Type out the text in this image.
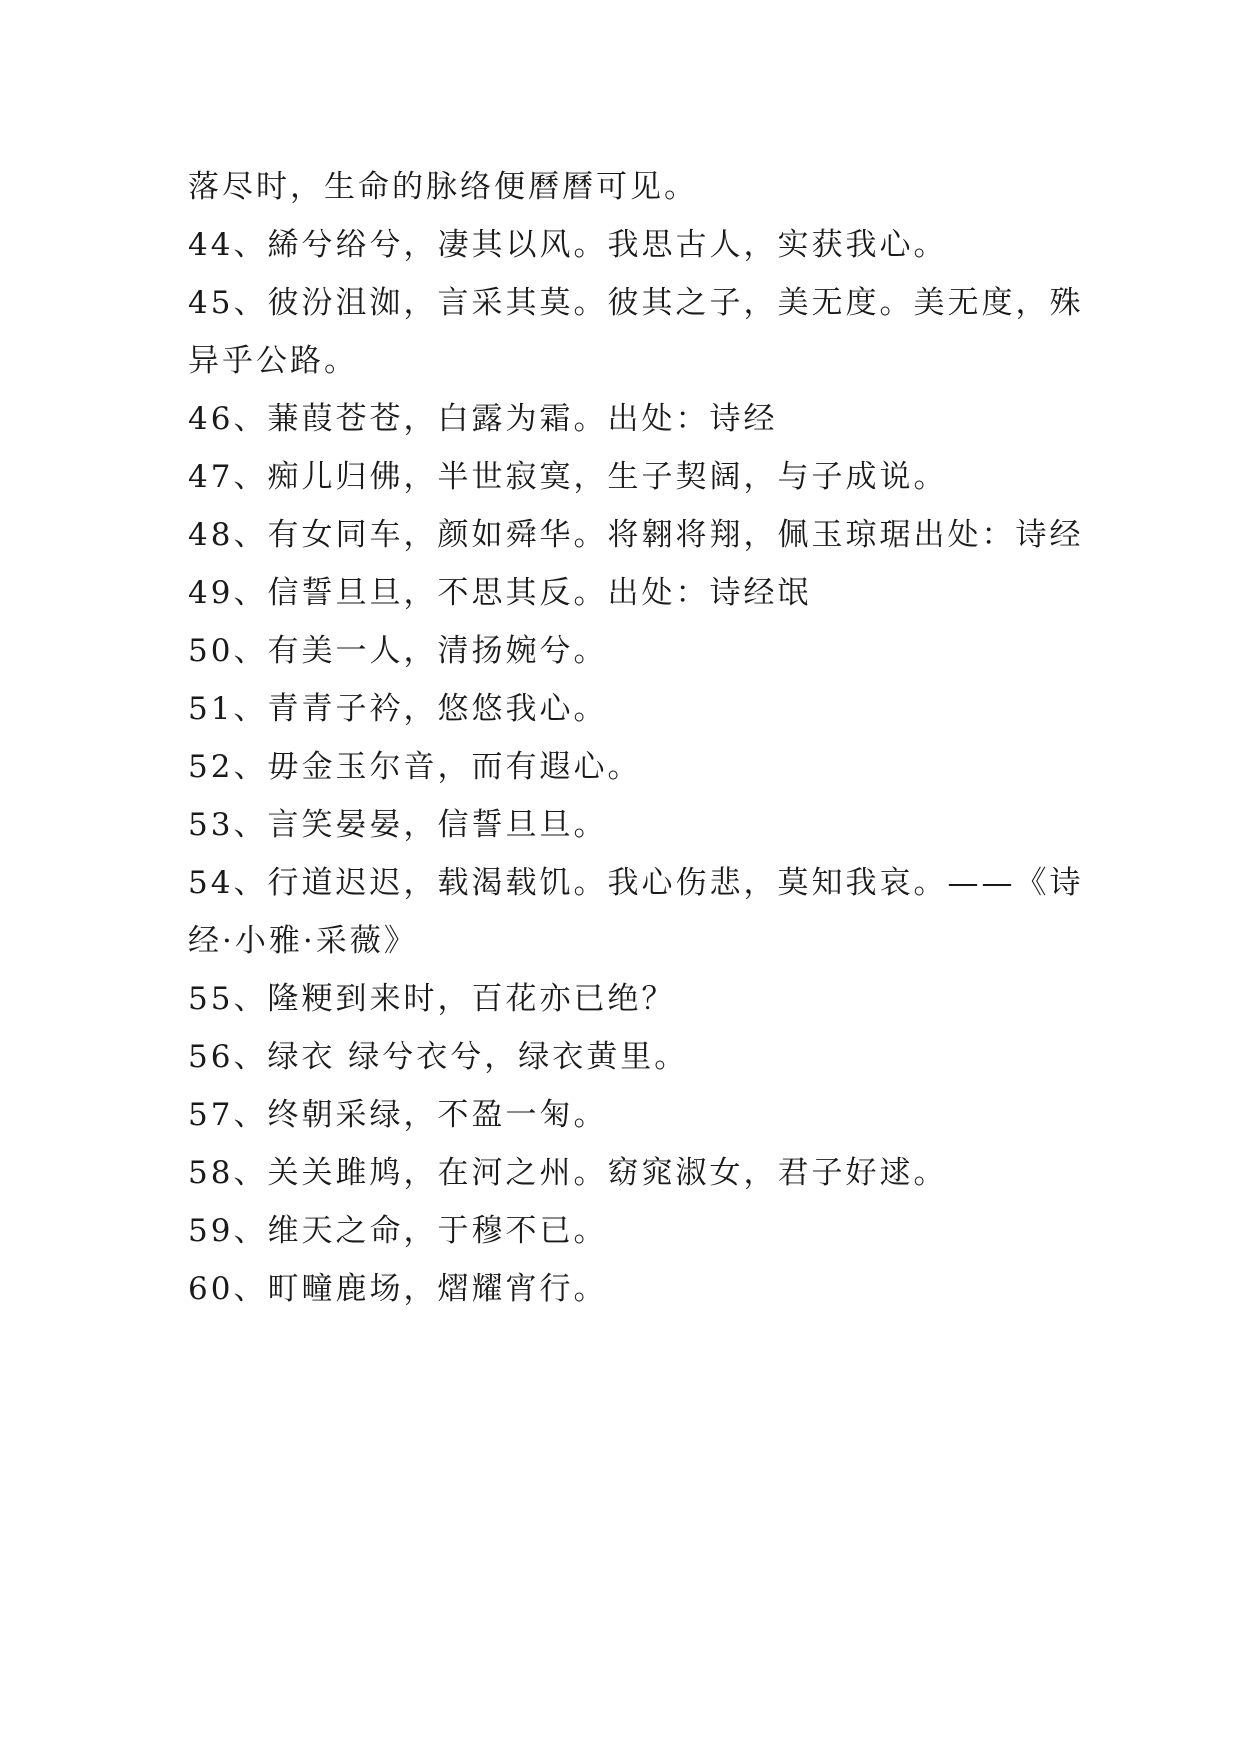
落尽时，生命的脉络便曆曆可见。
44、絺兮绤兮，凄其以风。我思古人，实获我心。
45、彼汾沮洳，言采其莫。彼其之子，美无度。美无度，殊
异乎公路。
46、蒹葭苍苍，白露为霜。出处：诗经
47、痴儿归佛，半世寂寞，生子契阔，与子成说。
48、有女同车，颜如舜华。将翱将翔，佩玉琼琚出处：诗经
49、信誓旦旦，不思其反。出处：诗经氓
50、有美一人，清扬婉兮。
51、青青子衿，悠悠我心。
52、毋金玉尔音，而有遐心。
53、言笑晏晏，信誓旦旦。
54、行道迟迟，载渴载饥。我心伤悲，莫知我哀。——《诗
经·小雅·采薇》
55、隆粳到来时，百花亦已绝？
56、绿衣 绿兮衣兮，绿衣黄里。
57、终朝采绿，不盈一匊。
58、关关雎鸠，在河之州。窈窕淑女，君子好逑。
59、维天之命，于穆不已。
60、町疃鹿场，熠耀宵行。
